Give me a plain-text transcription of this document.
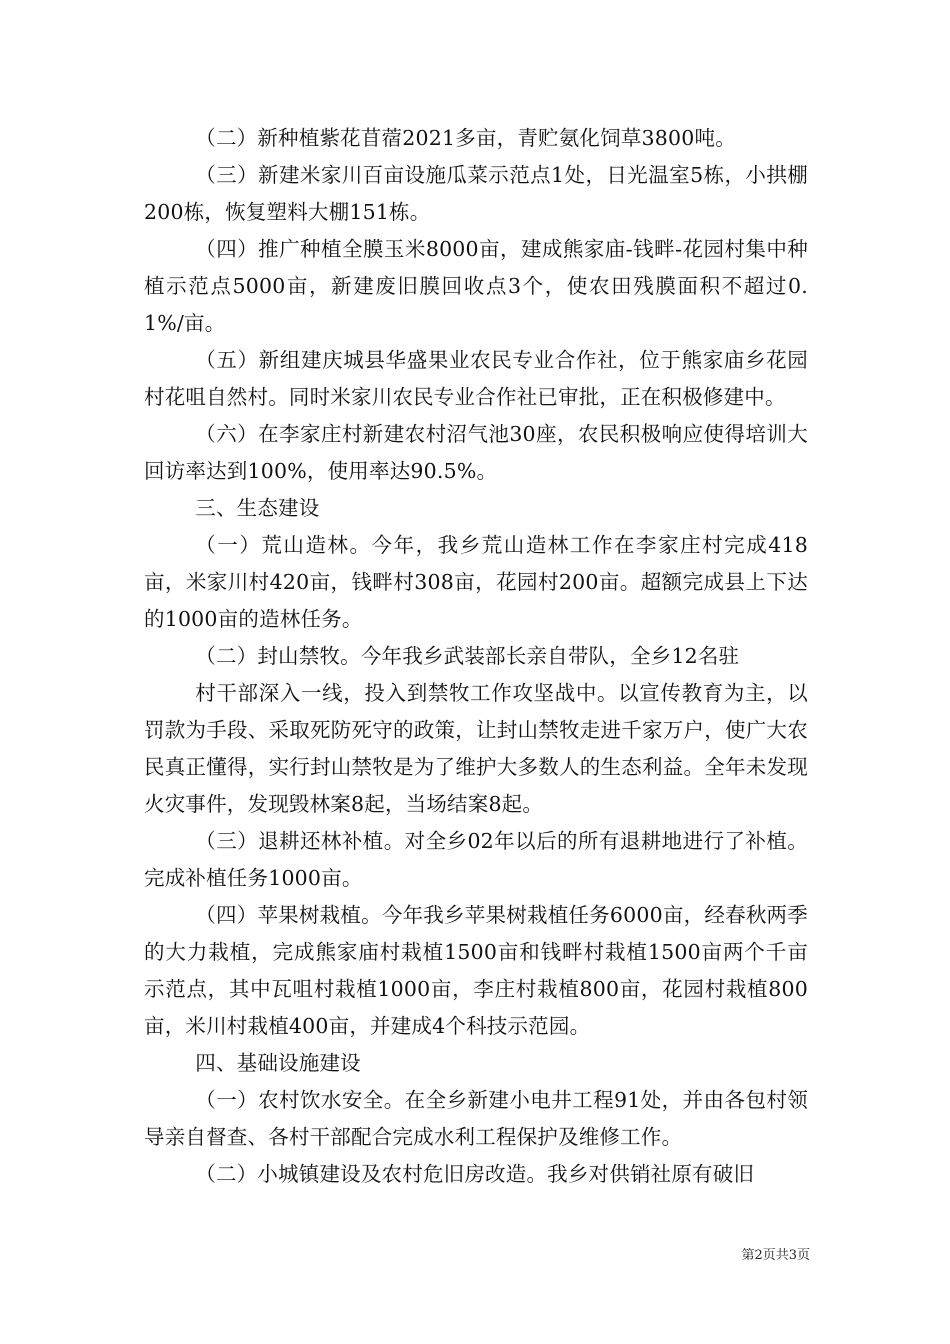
（二）新种植紫花苜蓿2021多亩，青贮氨化饲草3800吨。

（三）新建米家川百亩设施瓜菜示范点1处，日光温室5栋，小拱棚200栋，恢复塑料大棚151栋。

（四）推广种植全膜玉米8000亩，建成熊家庙-钱畔-花园村集中种植示范点5000亩，新建废旧膜回收点3个，使农田残膜面积不超过0.1%/亩。

（五）新组建庆城县华盛果业农民专业合作社，位于熊家庙乡花园村花咀自然村。同时米家川农民专业合作社已审批，正在积极修建中。

（六）在李家庄村新建农村沼气池30座，农民积极响应使得培训大回访率达到100%，使用率达90.5%。

三、生态建设

（一）荒山造林。今年，我乡荒山造林工作在李家庄村完成418亩，米家川村420亩，钱畔村308亩，花园村200亩。超额完成县上下达的1000亩的造林任务。

（二）封山禁牧。今年我乡武装部长亲自带队，全乡12名驻

村干部深入一线，投入到禁牧工作攻坚战中。以宣传教育为主，以罚款为手段、采取死防死守的政策，让封山禁牧走进千家万户，使广大农民真正懂得，实行封山禁牧是为了维护大多数人的生态利益。全年未发现火灾事件，发现毁林案8起，当场结案8起。

（三）退耕还林补植。对全乡02年以后的所有退耕地进行了补植。完成补植任务1000亩。

（四）苹果树栽植。今年我乡苹果树栽植任务6000亩，经春秋两季的大力栽植，完成熊家庙村栽植1500亩和钱畔村栽植1500亩两个千亩示范点，其中瓦咀村栽植1000亩，李庄村栽植800亩，花园村栽植800亩，米川村栽植400亩，并建成4个科技示范园。

四、基础设施建设

（一）农村饮水安全。在全乡新建小电井工程91处，并由各包村领导亲自督查、各村干部配合完成水利工程保护及维修工作。

（二）小城镇建设及农村危旧房改造。我乡对供销社原有破旧

第2页共3页
